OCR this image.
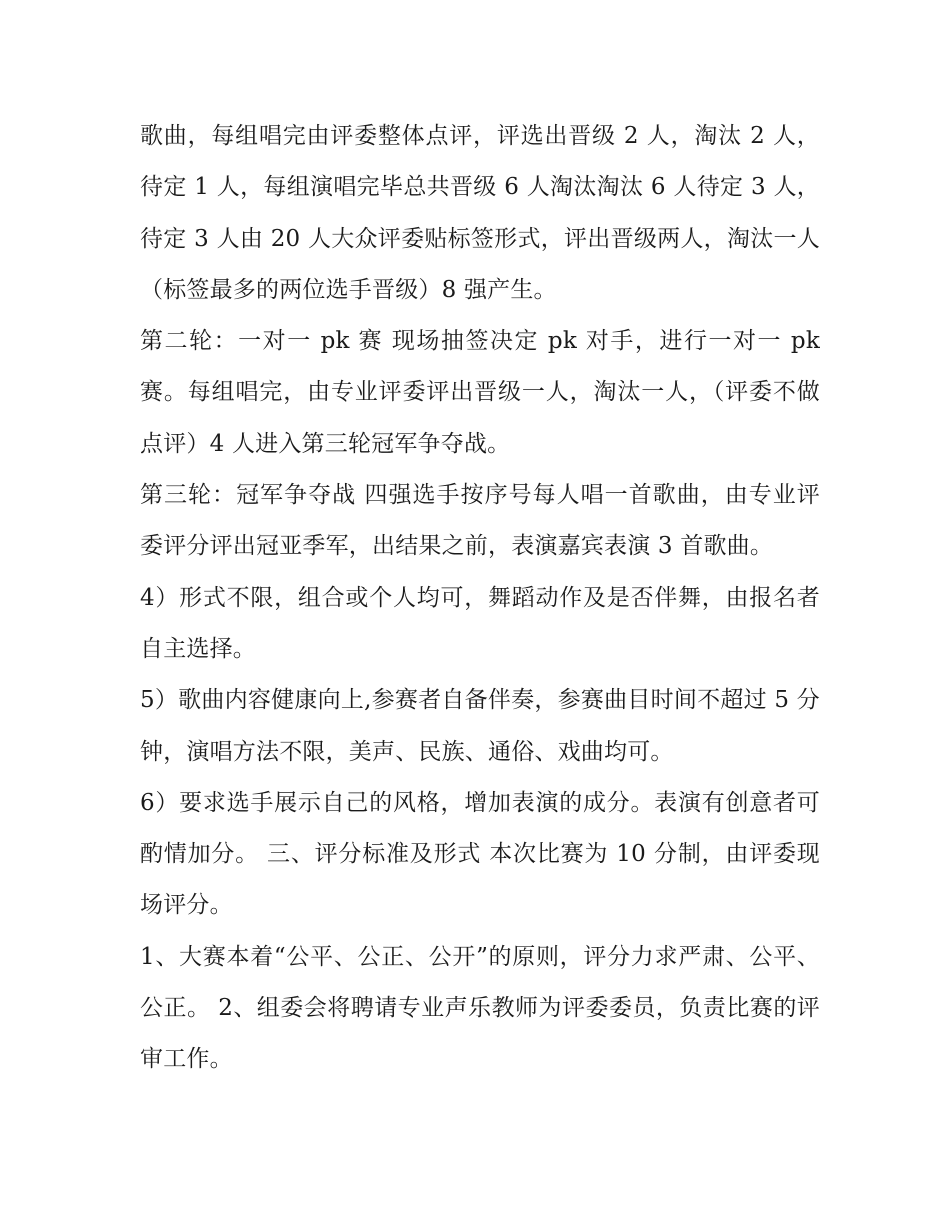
歌曲，每组唱完由评委整体点评，评选出晋级 2 人，淘汰 2 人，待定 1 人，每组演唱完毕总共晋级 6 人淘汰淘汰 6 人待定 3 人，待定 3 人由 20 人大众评委贴标签形式，评出晋级两人，淘汰一人（标签最多的两位选手晋级）8 强产生。

第二轮：一对一 pk 赛 现场抽签决定 pk 对手，进行一对一 pk 赛。每组唱完，由专业评委评出晋级一人，淘汰一人，（评委不做点评）4 人进入第三轮冠军争夺战。

第三轮：冠军争夺战 四强选手按序号每人唱一首歌曲，由专业评委评分评出冠亚季军，出结果之前，表演嘉宾表演 3 首歌曲。

4）形式不限，组合或个人均可，舞蹈动作及是否伴舞，由报名者自主选择。

5）歌曲内容健康向上,参赛者自备伴奏，参赛曲目时间不超过 5 分钟，演唱方法不限，美声、民族、通俗、戏曲均可。

6）要求选手展示自己的风格，增加表演的成分。表演有创意者可酌情加分。 三、评分标准及形式 本次比赛为 10 分制，由评委现场评分。

1、大赛本着“公平、公正、公开”的原则，评分力求严肃、公平、公正。 2、组委会将聘请专业声乐教师为评委委员，负责比赛的评审工作。
